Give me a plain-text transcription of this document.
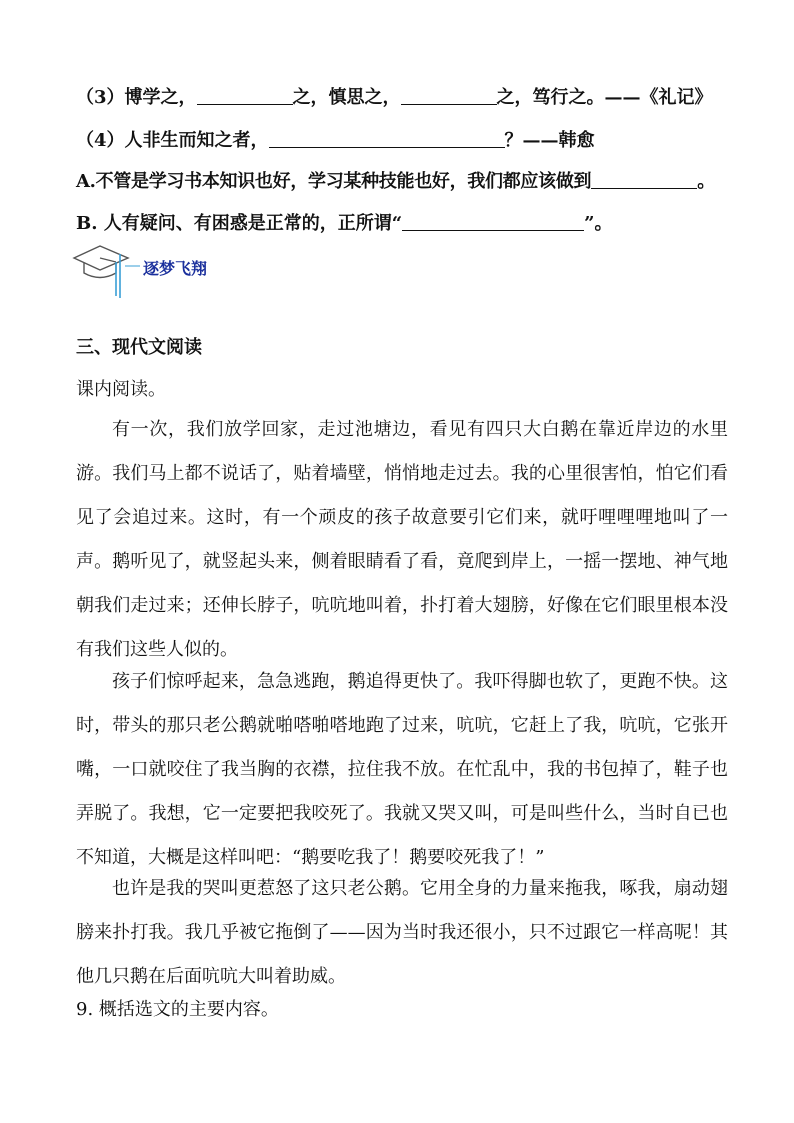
（3）博学之，	之，慎思之，	之，笃行之。——《礼记》
（4）人非生而知之者，	？——韩愈
A.不管是学习书本知识也好，学习某种技能也好，我们都应该做到	。
B. 人有疑问、有困惑是正常的，正所谓“	”。
逐梦飞翔
三、现代文阅读
课内阅读。
有一次，我们放学回家，走过池塘边，看见有四只大白鹅在靠近岸边的水里游。我们马上都不说话了，贴着墙壁，悄悄地走过去。我的心里很害怕，怕它们看见了会追过来。这时，有一个顽皮的孩子故意要引它们来，就吁哩哩哩地叫了一声。鹅听见了，就竖起头来，侧着眼睛看了看，竟爬到岸上，一摇一摆地、神气地朝我们走过来；还伸长脖子，吭吭地叫着，扑打着大翅膀，好像在它们眼里根本没有我们这些人似的。
孩子们惊呼起来，急急逃跑，鹅追得更快了。我吓得脚也软了，更跑不快。这时，带头的那只老公鹅就啪嗒啪嗒地跑了过来，吭吭，它赶上了我，吭吭，它张开嘴，一口就咬住了我当胸的衣襟，拉住我不放。在忙乱中，我的书包掉了，鞋子也弄脱了。我想，它一定要把我咬死了。我就又哭又叫，可是叫些什么，当时自已也不知道，大概是这样叫吧：“鹅要吃我了！鹅要咬死我了！”
也许是我的哭叫更惹怒了这只老公鹅。它用全身的力量来拖我，啄我，扇动翅膀来扑打我。我几乎被它拖倒了——因为当时我还很小，只不过跟它一样高呢！其他几只鹅在后面吭吭大叫着助威。
9. 概括选文的主要内容。
